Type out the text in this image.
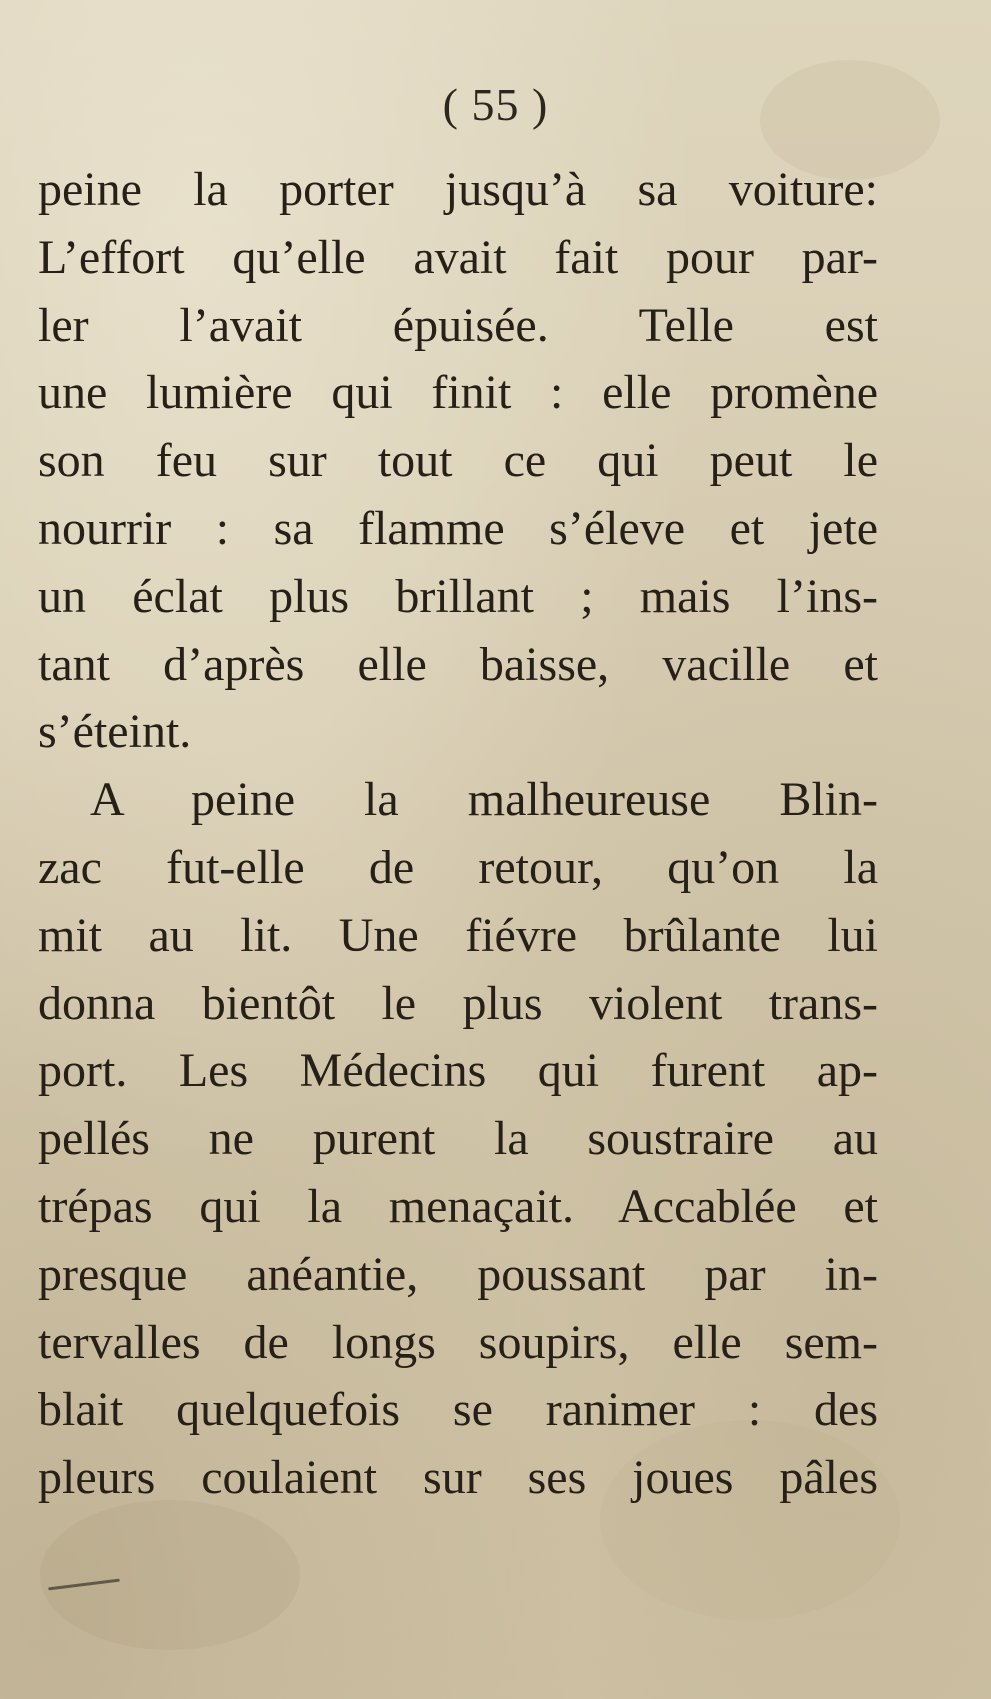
( 55 )
peine la porter jusqu’à sa voiture:
L’effort qu’elle avait fait pour par-
ler l’avait épuisée. Telle est
une lumière qui finit : elle promène
son feu sur tout ce qui peut le
nourrir : sa flamme s’éleve et jete
un éclat plus brillant ; mais l’ins-
tant d’après elle baisse, vacille et
s’éteint.
A peine la malheureuse Blin-
zac fut-elle de retour, qu’on la
mit au lit. Une fiévre brûlante lui
donna bientôt le plus violent trans-
port. Les Médecins qui furent ap-
pellés ne purent la soustraire au
trépas qui la menaçait. Accablée et
presque anéantie, poussant par in-
tervalles de longs soupirs, elle sem-
blait quelquefois se ranimer : des
pleurs coulaient sur ses joues pâles
